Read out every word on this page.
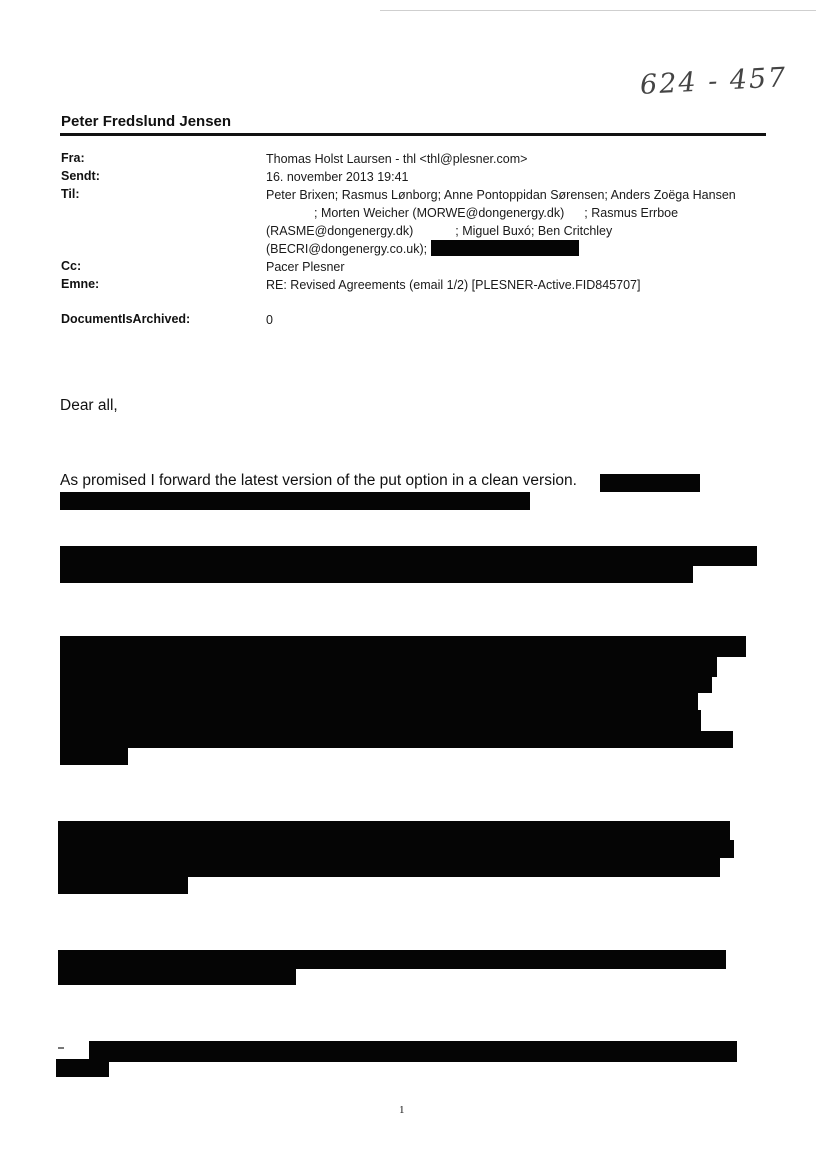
624 - 457
Peter Fredslund Jensen
Fra:	Thomas Holst Laursen - thl <thl@plesner.com>
Sendt:	16. november 2013 19:41
Til:	Peter Brixen; Rasmus Lønborg; Anne Pontoppidan Sørensen; Anders Zoëga Hansen
; Morten Weicher (MORWE@dongenergy.dk) ; Rasmus Errboe
(RASME@dongenergy.dk)	; Miguel Buxó; Ben Critchley
(BECRI@dongenergy.co.uk);
Cc:	Pacer Plesner
Emne:	RE: Revised Agreements (email 1/2) [PLESNER-Active.FID845707]
DocumentIsArchived:	0
Dear all,
As promised I forward the latest version of the put option in a clean version.
1
